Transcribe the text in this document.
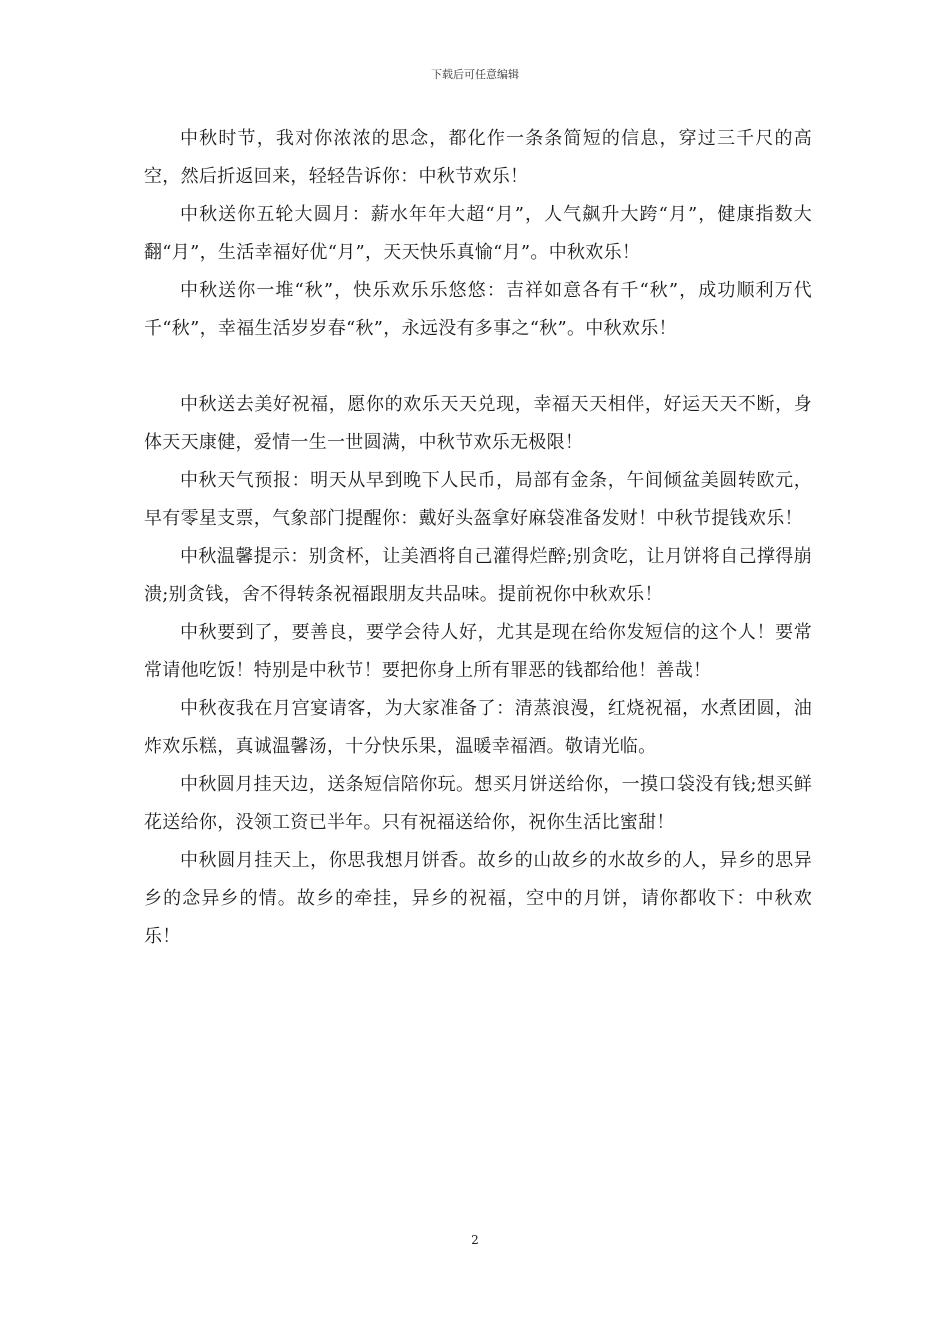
下载后可任意编辑

中秋时节，我对你浓浓的思念，都化作一条条简短的信息，穿过三千尺的高空，然后折返回来，轻轻告诉你：中秋节欢乐！

中秋送你五轮大圆月：薪水年年大超“月”，人气飙升大跨“月”，健康指数大翻“月”，生活幸福好优“月”，天天快乐真愉“月”。中秋欢乐！

中秋送你一堆“秋”，快乐欢乐乐悠悠：吉祥如意各有千“秋”，成功顺利万代千“秋”，幸福生活岁岁春“秋”，永远没有多事之“秋”。中秋欢乐！

中秋送去美好祝福，愿你的欢乐天天兑现，幸福天天相伴，好运天天不断，身体天天康健，爱情一生一世圆满，中秋节欢乐无极限！

中秋天气预报：明天从早到晚下人民币，局部有金条，午间倾盆美圆转欧元，早有零星支票，气象部门提醒你：戴好头盔拿好麻袋准备发财！中秋节提钱欢乐！

中秋温馨提示：别贪杯，让美酒将自己灌得烂醉;别贪吃，让月饼将自己撑得崩溃;别贪钱，舍不得转条祝福跟朋友共品味。提前祝你中秋欢乐！

中秋要到了，要善良，要学会待人好，尤其是现在给你发短信的这个人！要常常请他吃饭！特别是中秋节！要把你身上所有罪恶的钱都给他！善哉！

中秋夜我在月宫宴请客，为大家准备了：清蒸浪漫，红烧祝福，水煮团圆，油炸欢乐糕，真诚温馨汤，十分快乐果，温暖幸福酒。敬请光临。

中秋圆月挂天边，送条短信陪你玩。想买月饼送给你，一摸口袋没有钱;想买鲜花送给你，没领工资已半年。只有祝福送给你，祝你生活比蜜甜！

中秋圆月挂天上，你思我想月饼香。故乡的山故乡的水故乡的人，异乡的思异乡的念异乡的情。故乡的牵挂，异乡的祝福，空中的月饼，请你都收下：中秋欢乐！

2
